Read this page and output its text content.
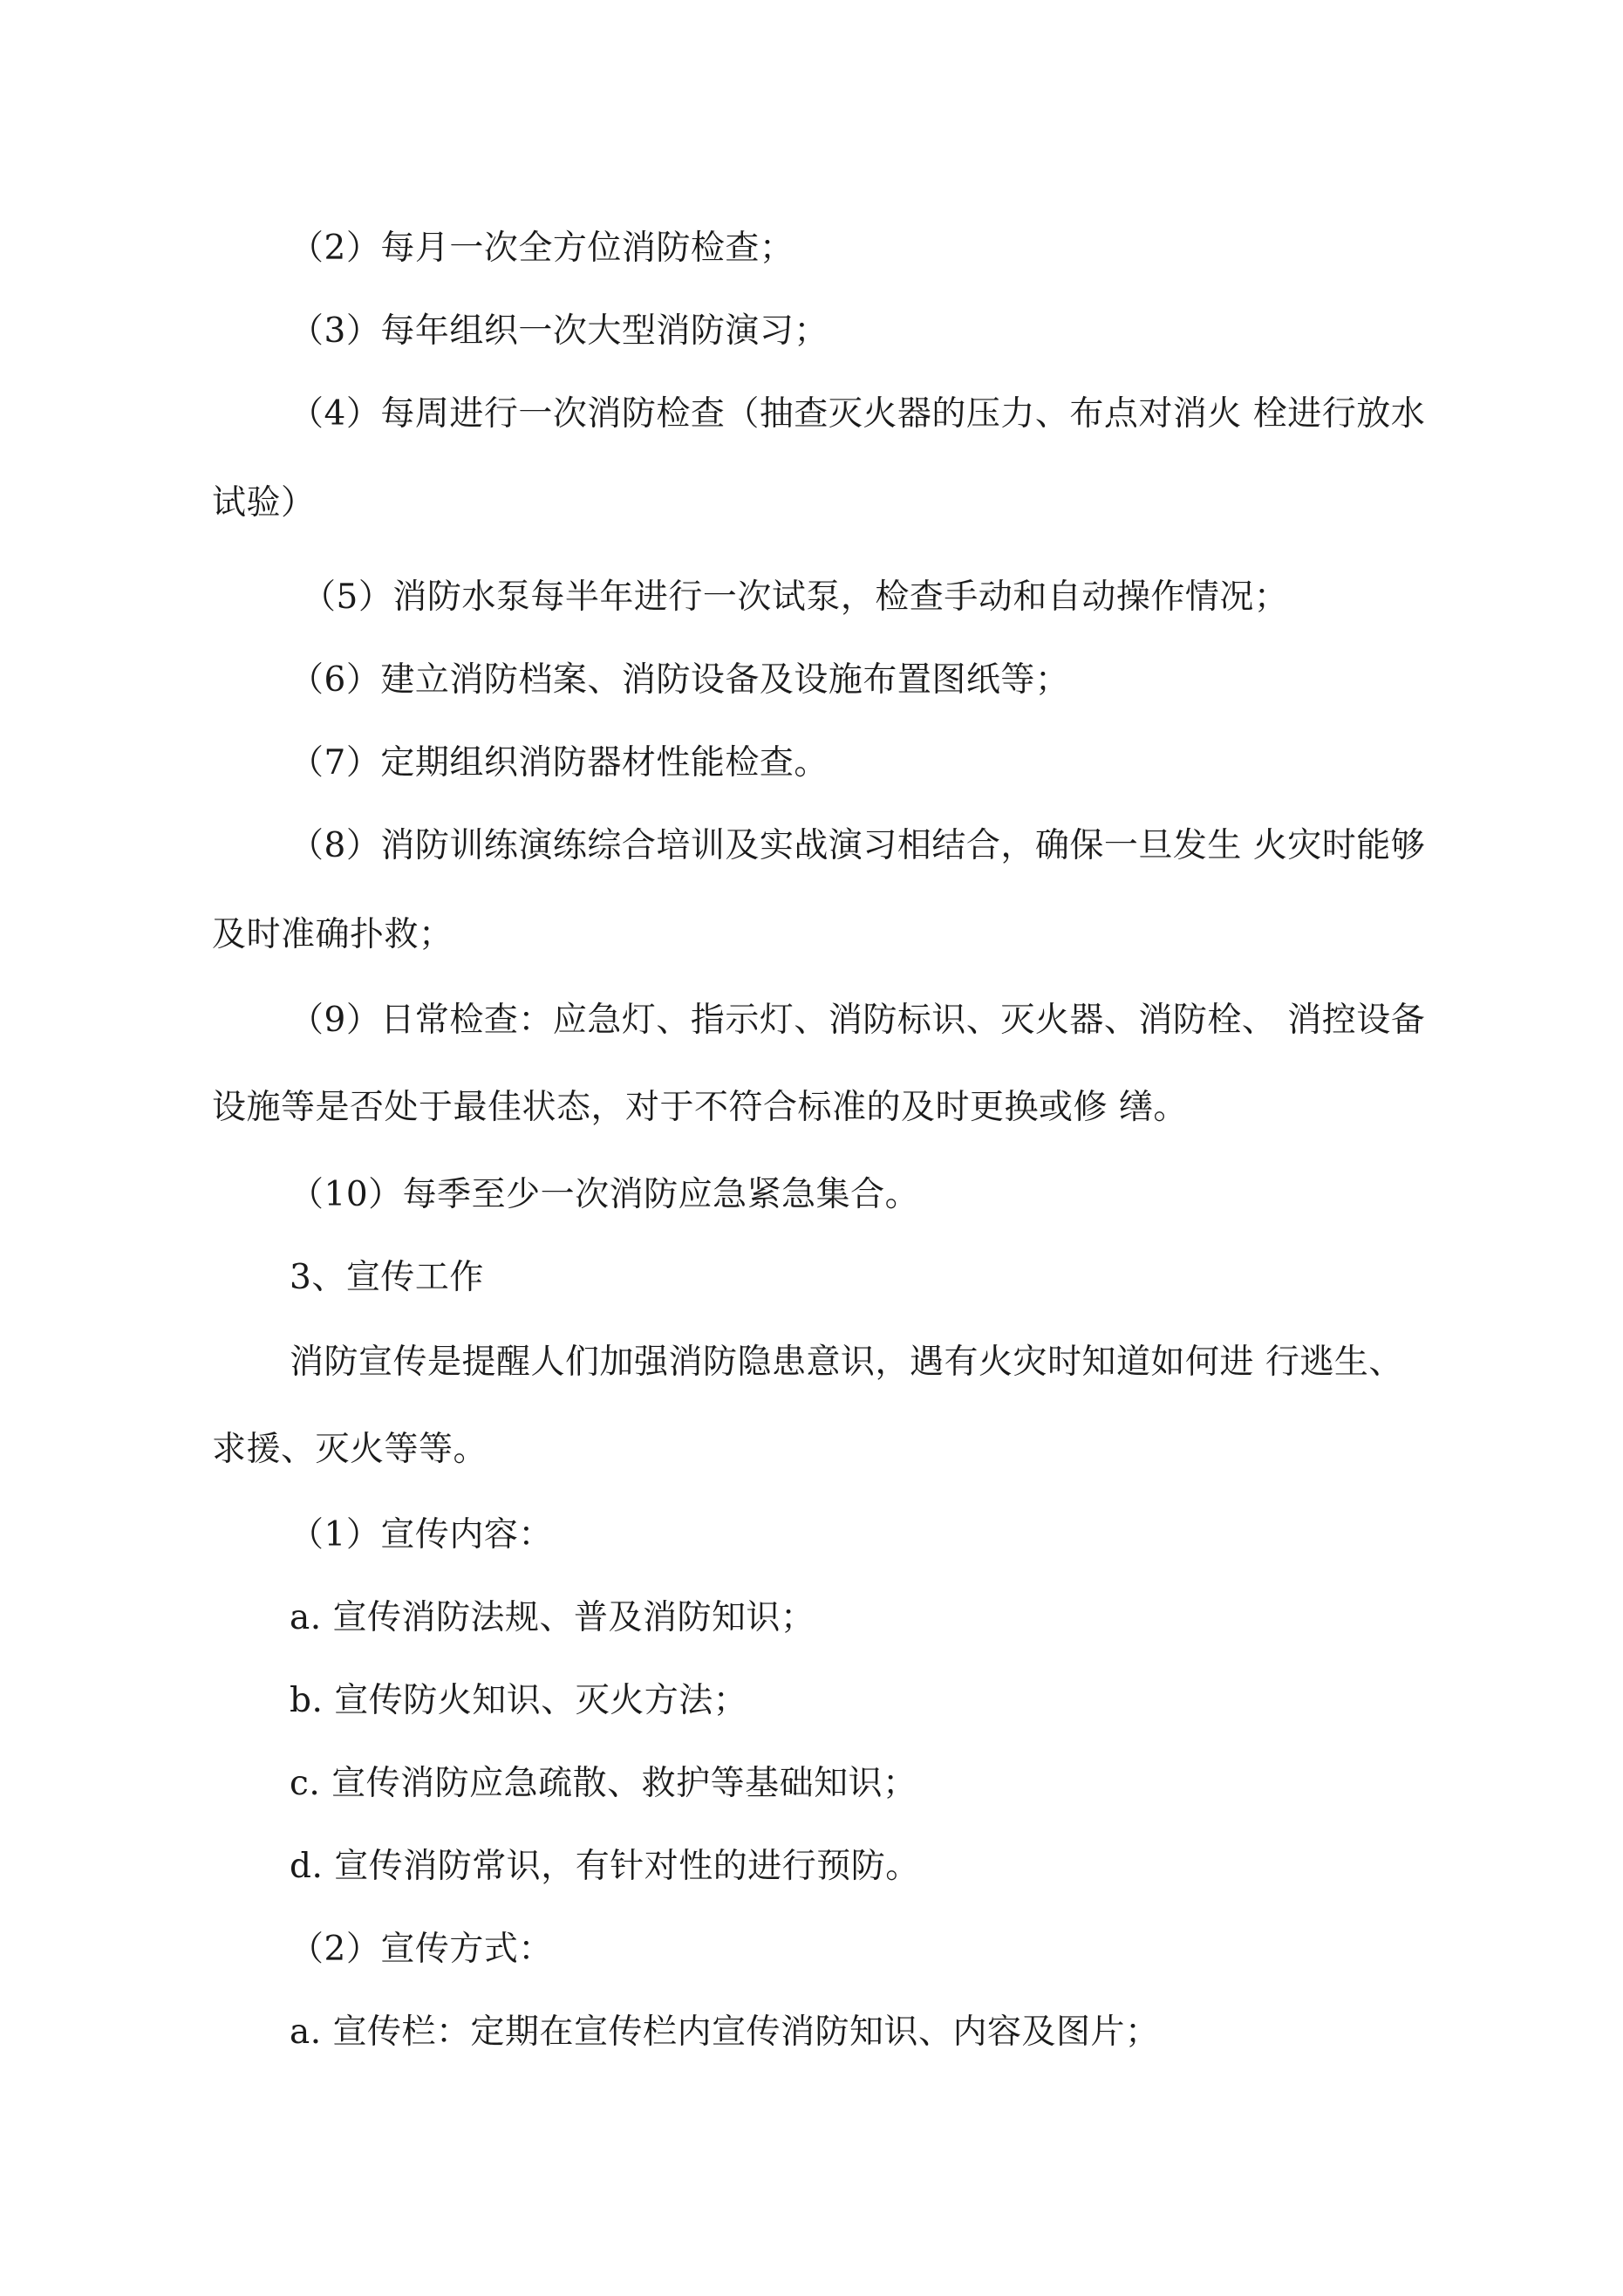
（2）每月一次全方位消防检查；
（3）每年组织一次大型消防演习；
（4）每周进行一次消防检查（抽查灭火器的压力、布点对消火 栓进行放水
试验）
（5）消防水泵每半年进行一次试泵，检查手动和自动操作情况；
（6）建立消防档案、消防设备及设施布置图纸等；
（7）定期组织消防器材性能检查。
（8）消防训练演练综合培训及实战演习相结合，确保一旦发生 火灾时能够
及时准确扑救；
（9）日常检查：应急灯、指示灯、消防标识、灭火器、消防栓、 消控设备
设施等是否处于最佳状态，对于不符合标准的及时更换或修 缮。
（10）每季至少一次消防应急紧急集合。
3、宣传工作
消防宣传是提醒人们加强消防隐患意识，遇有火灾时知道如何进 行逃生、
求援、灭火等等。
（1）宣传内容：
a. 宣传消防法规、普及消防知识；
b. 宣传防火知识、灭火方法；
c. 宣传消防应急疏散、救护等基础知识；
d. 宣传消防常识，有针对性的进行预防。
（2）宣传方式：
a. 宣传栏：定期在宣传栏内宣传消防知识、内容及图片；
